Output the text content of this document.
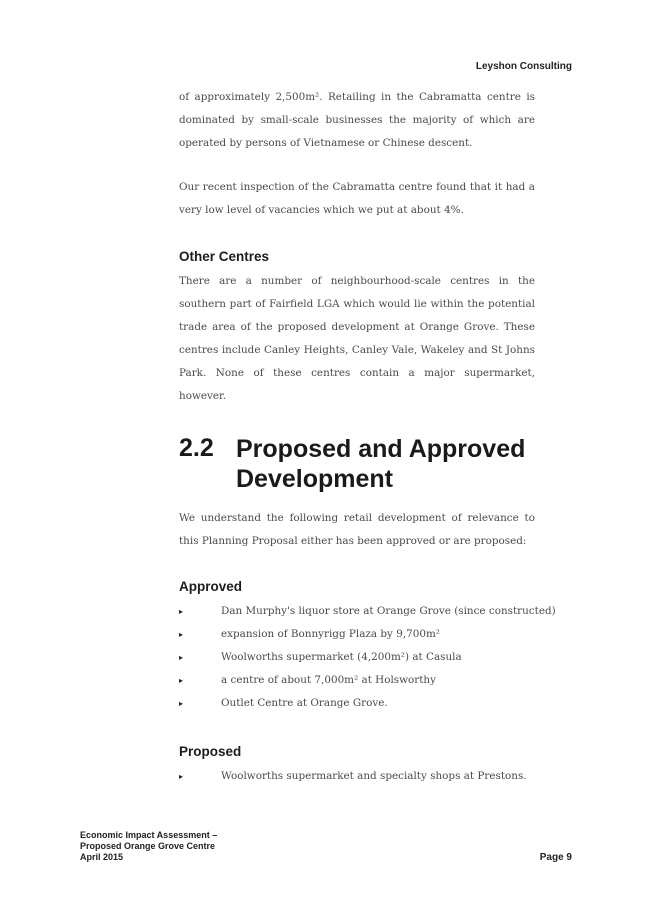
Leyshon Consulting
of approximately 2,500m². Retailing in the Cabramatta centre is dominated by small-scale businesses the majority of which are operated by persons of Vietnamese or Chinese descent.
Our recent inspection of the Cabramatta centre found that it had a very low level of vacancies which we put at about 4%.
Other Centres
There are a number of neighbourhood-scale centres in the southern part of Fairfield LGA which would lie within the potential trade area of the proposed development at Orange Grove. These centres include Canley Heights, Canley Vale, Wakeley and St Johns Park. None of these centres contain a major supermarket, however.
2.2 Proposed and Approved Development
We understand the following retail development of relevance to this Planning Proposal either has been approved or are proposed:
Approved
▸	Dan Murphy's liquor store at Orange Grove (since constructed)
▸	expansion of Bonnyrigg Plaza by 9,700m²
▸	Woolworths supermarket (4,200m²) at Casula
▸	a centre of about 7,000m² at Holsworthy
▸	Outlet Centre at Orange Grove.
Proposed
▸	Woolworths supermarket and specialty shops at Prestons.
Economic Impact Assessment –
Proposed Orange Grove Centre
April 2015	Page 9
